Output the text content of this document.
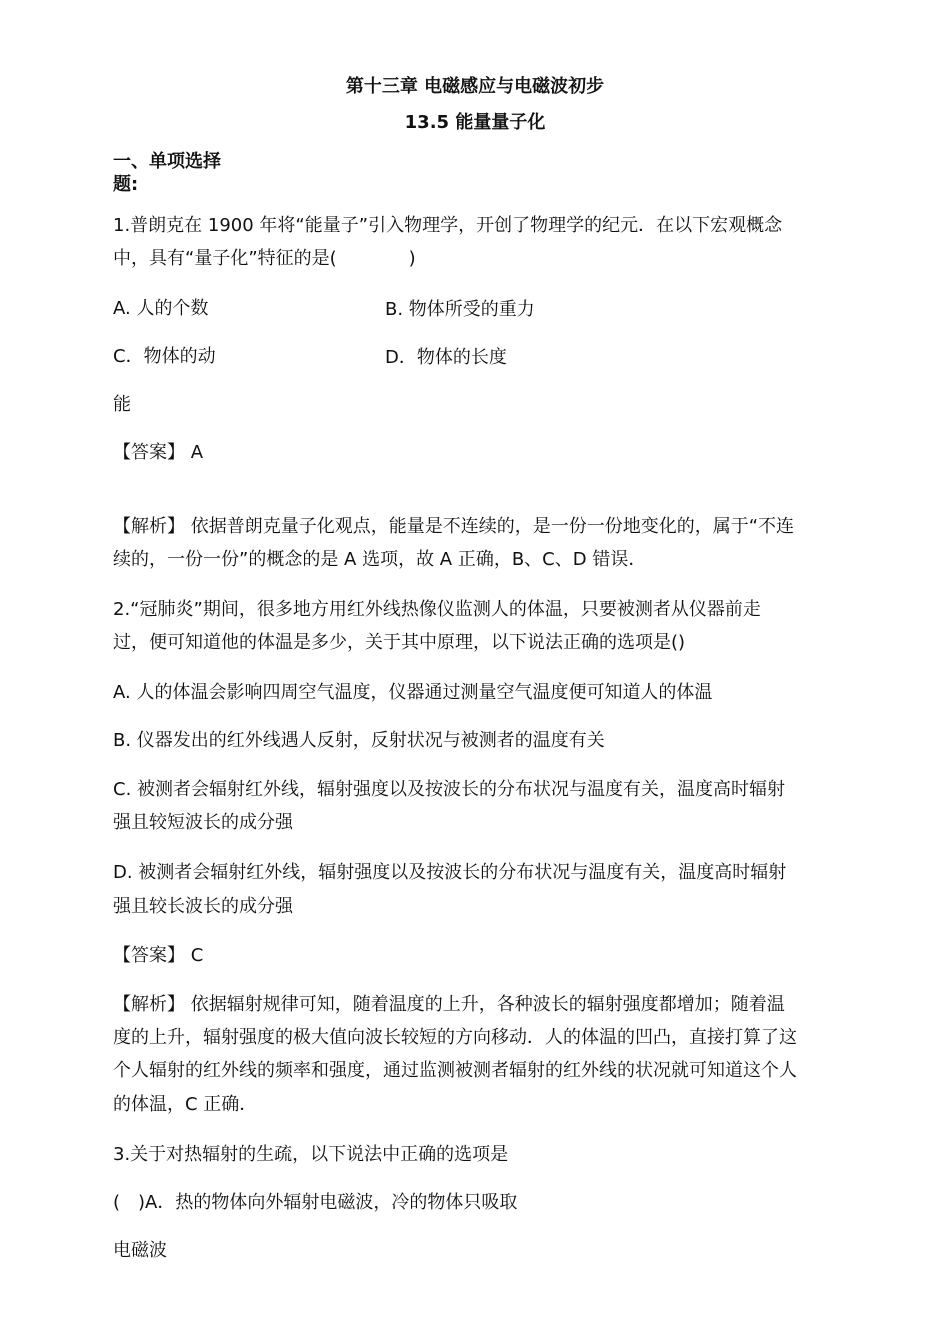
第十三章 电磁感应与电磁波初步
13.5 能量量子化
一、单项选择
题:
1.普朗克在 1900 年将“能量子”引入物理学，开创了物理学的纪元．在以下宏观概念
中，具有“量子化”特征的是(　　　　)
A. 人的个数	B. 物体所受的重力
C．物体的动	D．物体的长度
能
【答案】 A
【解析】 依据普朗克量子化观点，能量是不连续的，是一份一份地变化的，属于“不连
续的，一份一份”的概念的是 A 选项，故 A 正确，B、C、D 错误．
2.“冠肺炎”期间，很多地方用红外线热像仪监测人的体温，只要被测者从仪器前走
过，便可知道他的体温是多少，关于其中原理，以下说法正确的选项是()
A. 人的体温会影响四周空气温度，仪器通过测量空气温度便可知道人的体温
B. 仪器发出的红外线遇人反射，反射状况与被测者的温度有关
C. 被测者会辐射红外线，辐射强度以及按波长的分布状况与温度有关，温度高时辐射
强且较短波长的成分强
D. 被测者会辐射红外线，辐射强度以及按波长的分布状况与温度有关，温度高时辐射
强且较长波长的成分强
【答案】 C
【解析】 依据辐射规律可知，随着温度的上升，各种波长的辐射强度都增加；随着温
度的上升，辐射强度的极大值向波长较短的方向移动．人的体温的凹凸，直接打算了这
个人辐射的红外线的频率和强度，通过监测被测者辐射的红外线的状况就可知道这个人
的体温，C 正确．
3.关于对热辐射的生疏，以下说法中正确的选项是
(　)A．热的物体向外辐射电磁波，冷的物体只吸取
电磁波
